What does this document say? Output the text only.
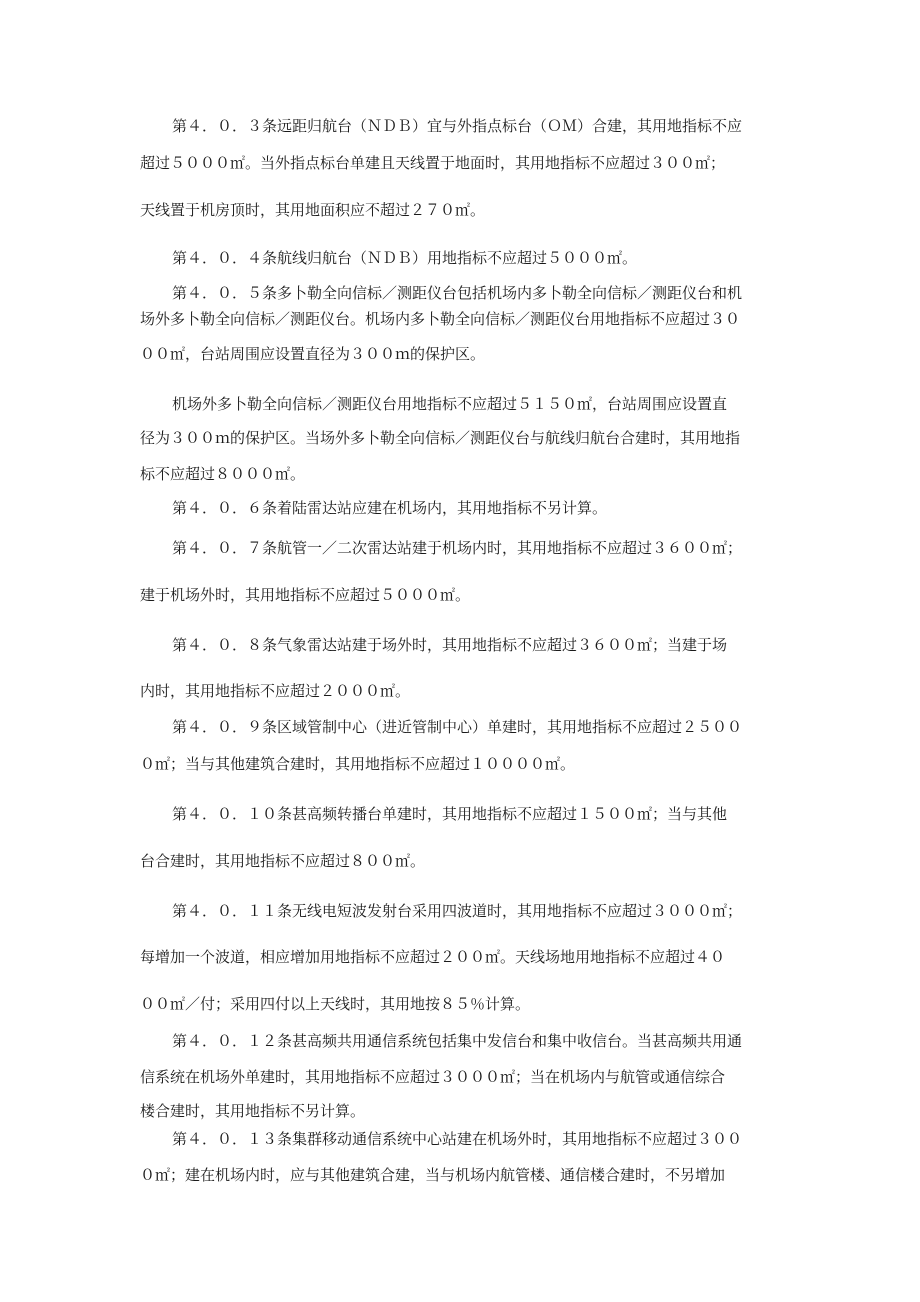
第４．０．３条远距归航台（ＮＤＢ）宜与外指点标台（ＯＭ）合建，其用地指标不应
超过５０００㎡。当外指点标台单建且天线置于地面时，其用地指标不应超过３００㎡；
天线置于机房顶时，其用地面积应不超过２７０㎡。
第４．０．４条航线归航台（ＮＤＢ）用地指标不应超过５０００㎡。
第４．０．５条多卜勒全向信标／测距仪台包括机场内多卜勒全向信标／测距仪台和机
场外多卜勒全向信标／测距仪台。机场内多卜勒全向信标／测距仪台用地指标不应超过３０
００㎡，台站周围应设置直径为３００ｍ的保护区。
机场外多卜勒全向信标／测距仪台用地指标不应超过５１５０㎡，台站周围应设置直
径为３００ｍ的保护区。当场外多卜勒全向信标／测距仪台与航线归航台合建时，其用地指
标不应超过８０００㎡。
第４．０．６条着陆雷达站应建在机场内，其用地指标不另计算。
第４．０．７条航管一／二次雷达站建于机场内时，其用地指标不应超过３６００㎡；
建于机场外时，其用地指标不应超过５０００㎡。
第４．０．８条气象雷达站建于场外时，其用地指标不应超过３６００㎡；当建于场
内时，其用地指标不应超过２０００㎡。
第４．０．９条区域管制中心（进近管制中心）单建时，其用地指标不应超过２５００
０㎡；当与其他建筑合建时，其用地指标不应超过１００００㎡。
第４．０．１０条甚高频转播台单建时，其用地指标不应超过１５００㎡；当与其他
台合建时，其用地指标不应超过８００㎡。
第４．０．１１条无线电短波发射台采用四波道时，其用地指标不应超过３０００㎡；
每增加一个波道，相应增加用地指标不应超过２００㎡。天线场地用地指标不应超过４０
００㎡／付；采用四付以上天线时，其用地按８５％计算。
第４．０．１２条甚高频共用通信系统包括集中发信台和集中收信台。当甚高频共用通
信系统在机场外单建时，其用地指标不应超过３０００㎡；当在机场内与航管或通信综合
楼合建时，其用地指标不另计算。
第４．０．１３条集群移动通信系统中心站建在机场外时，其用地指标不应超过３００
０㎡；建在机场内时，应与其他建筑合建，当与机场内航管楼、通信楼合建时，不另增加
